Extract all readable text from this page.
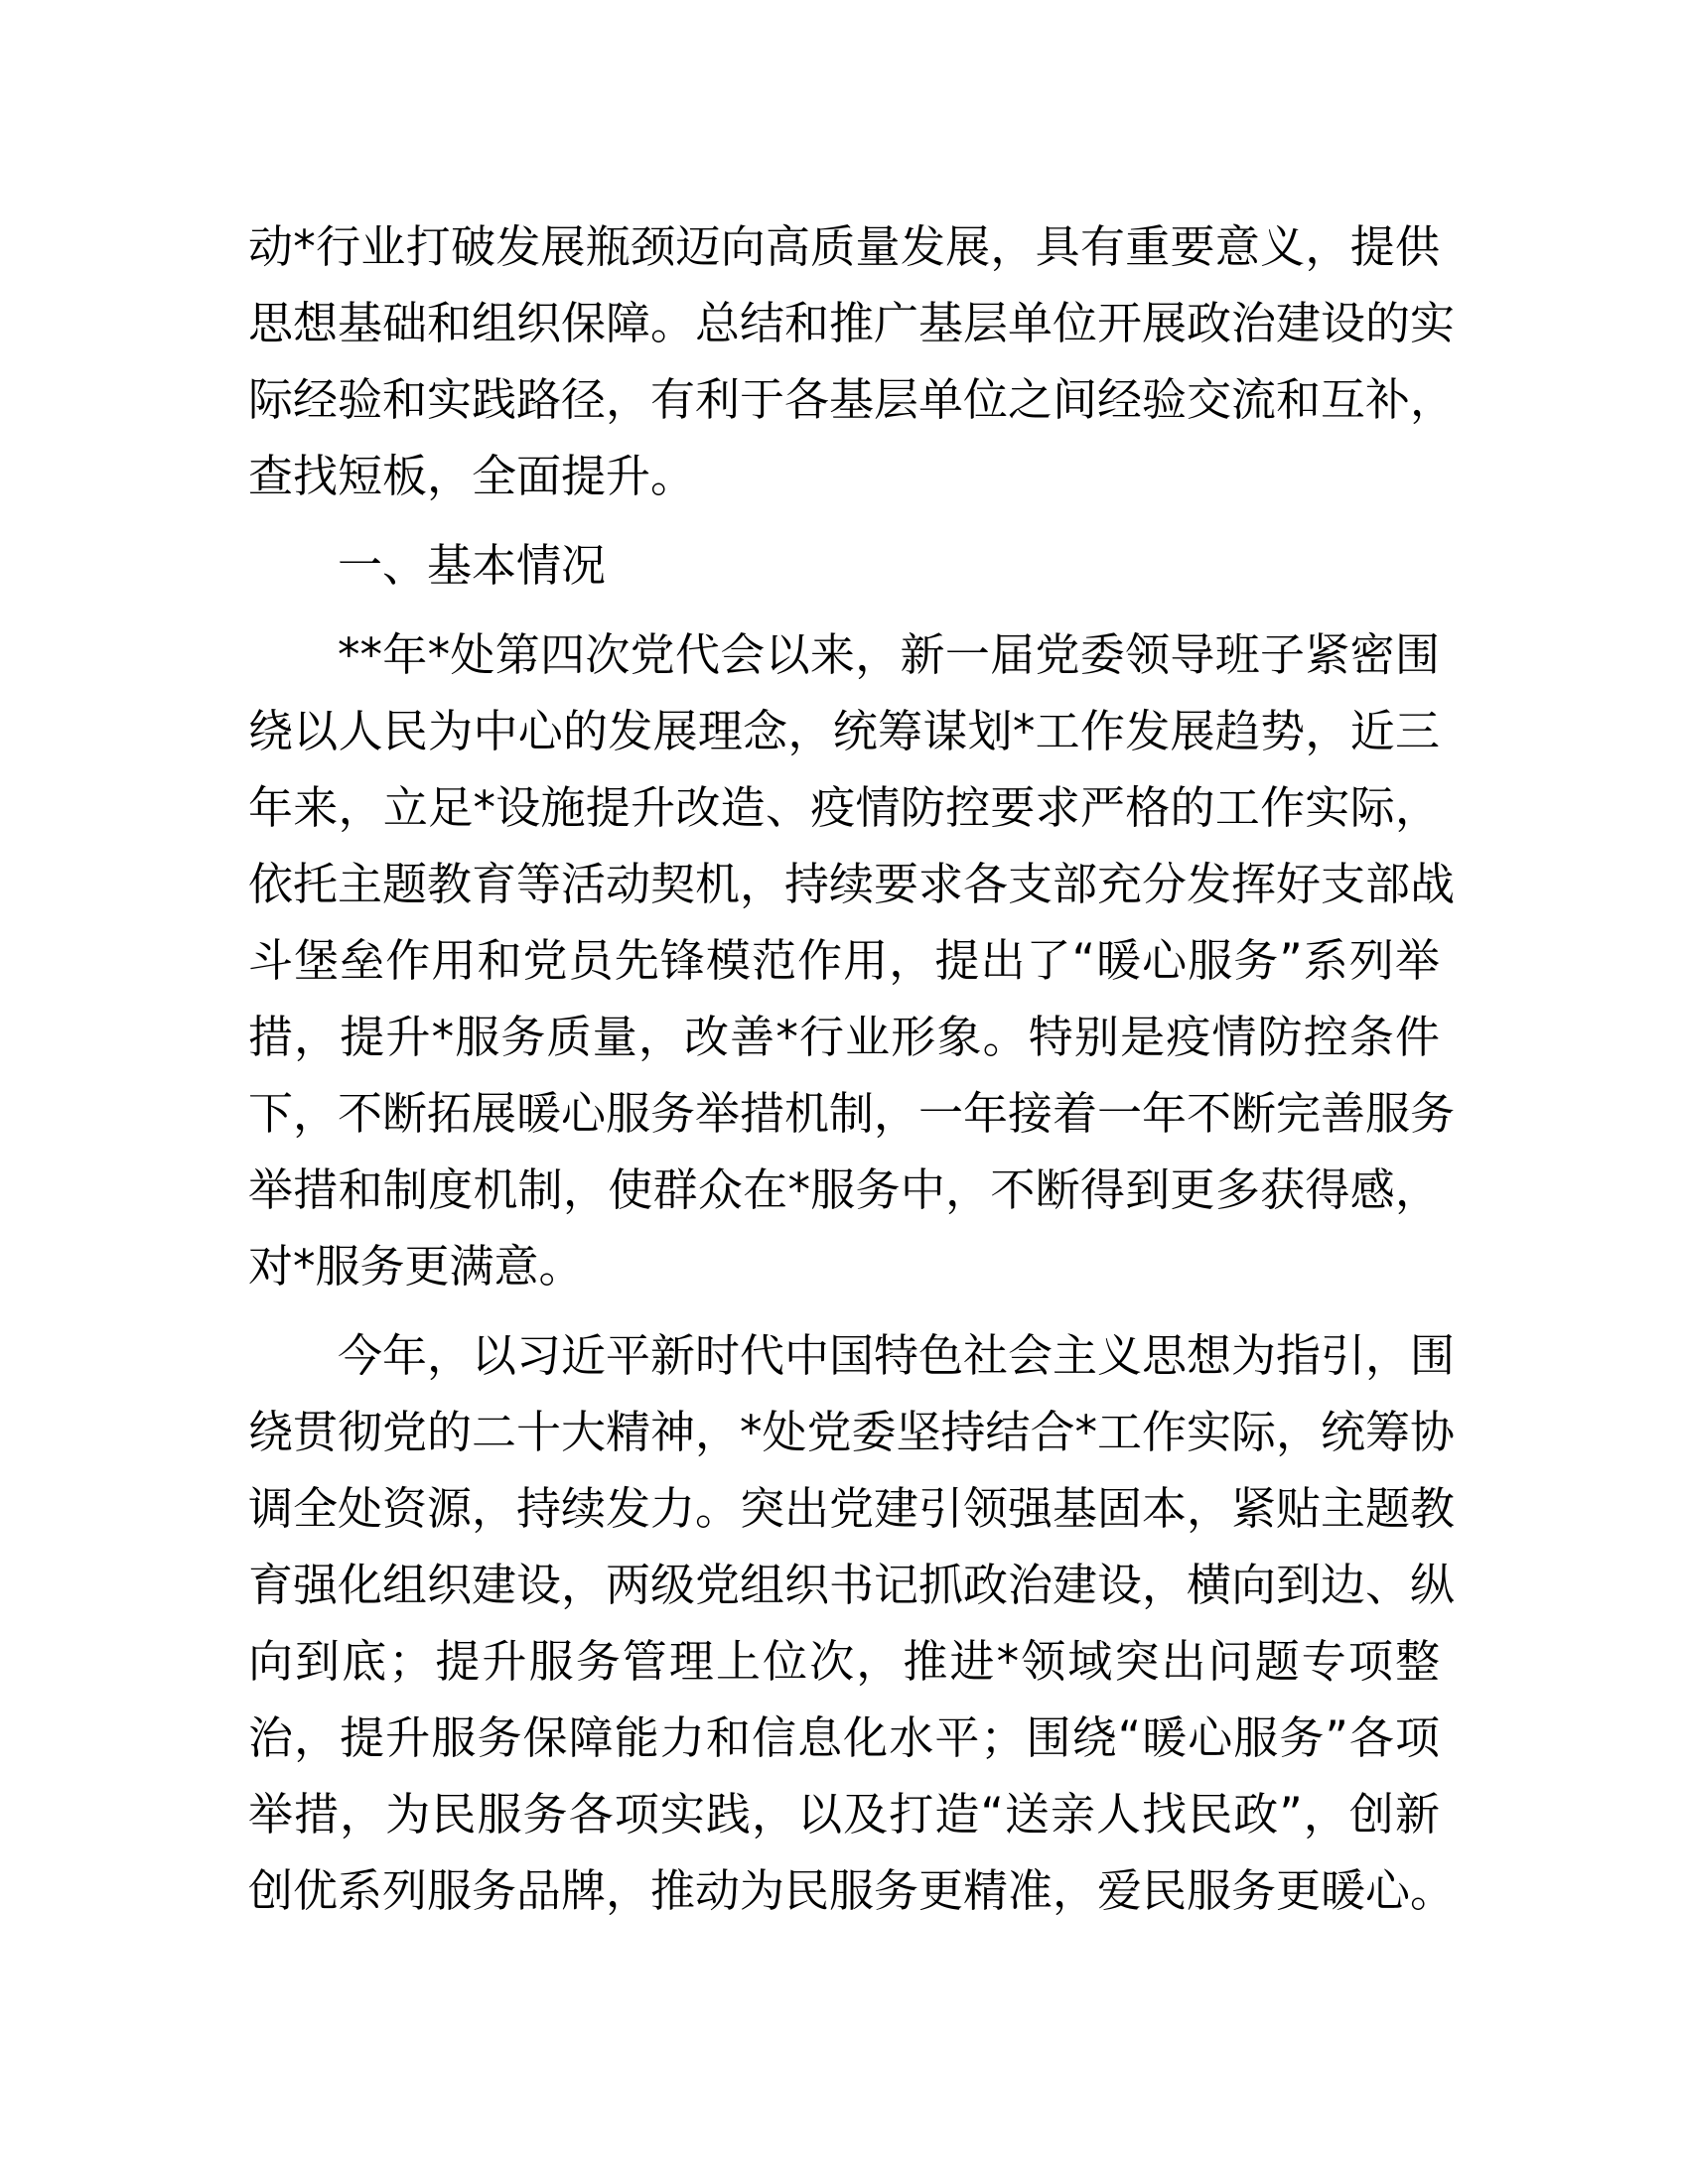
动*行业打破发展瓶颈迈向高质量发展，具有重要意义，提供
思想基础和组织保障。总结和推广基层单位开展政治建设的实
际经验和实践路径，有利于各基层单位之间经验交流和互补，
查找短板，全面提升。
一、基本情况
**年*处第四次党代会以来，新一届党委领导班子紧密围
绕以人民为中心的发展理念，统筹谋划*工作发展趋势，近三
年来，立足*设施提升改造、疫情防控要求严格的工作实际，
依托主题教育等活动契机，持续要求各支部充分发挥好支部战
斗堡垒作用和党员先锋模范作用，提出了“暖心服务”系列举
措，提升*服务质量，改善*行业形象。特别是疫情防控条件
下，不断拓展暖心服务举措机制，一年接着一年不断完善服务
举措和制度机制，使群众在*服务中，不断得到更多获得感，
对*服务更满意。
今年，以习近平新时代中国特色社会主义思想为指引，围
绕贯彻党的二十大精神，*处党委坚持结合*工作实际，统筹协
调全处资源，持续发力。突出党建引领强基固本，紧贴主题教
育强化组织建设，两级党组织书记抓政治建设，横向到边、纵
向到底；提升服务管理上位次，推进*领域突出问题专项整
治，提升服务保障能力和信息化水平；围绕“暖心服务”各项
举措，为民服务各项实践，以及打造“送亲人找民政”，创新
创优系列服务品牌，推动为民服务更精准，爱民服务更暖心。
